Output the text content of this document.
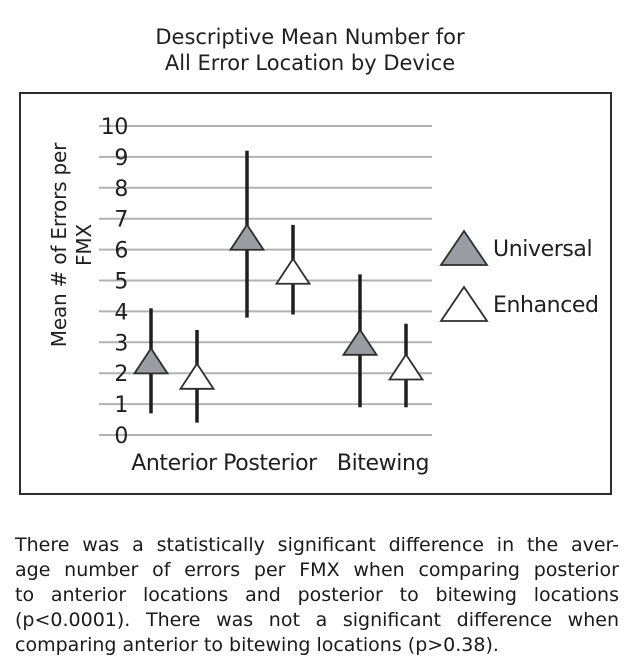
Descriptive Mean Number for
All Error Location by Device
Mean # of Errors per FMX
0
1
2
3
4
5
6
7
8
9
10
Anterior Posterior Bitewing
Universal
Enhanced
There was a statistically significant difference in the aver-
age number of errors per FMX when comparing posterior
to anterior locations and posterior to bitewing locations
(p<0.0001). There was not a significant difference when
comparing anterior to bitewing locations (p>0.38).
